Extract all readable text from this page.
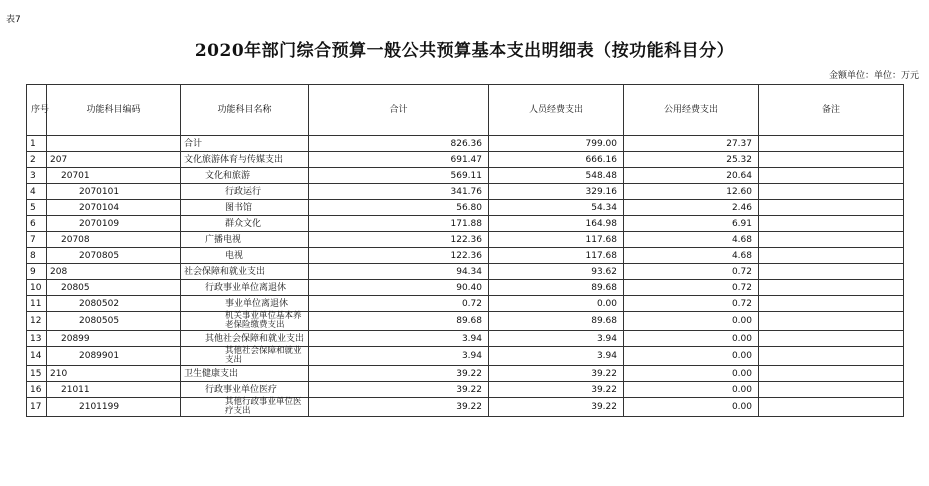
表7
2020年部门综合预算一般公共预算基本支出明细表（按功能科目分）
金额单位：单位：万元
序号	功能科目编码	功能科目名称	合计	人员经费支出	公用经费支出	备注
1		合计	826.36	799.00	27.37	
2	207	文化旅游体育与传媒支出	691.47	666.16	25.32	
3	20701	文化和旅游	569.11	548.48	20.64	
4	2070101	行政运行	341.76	329.16	12.60	
5	2070104	图书馆	56.80	54.34	2.46	
6	2070109	群众文化	171.88	164.98	6.91	
7	20708	广播电视	122.36	117.68	4.68	
8	2070805	电视	122.36	117.68	4.68	
9	208	社会保障和就业支出	94.34	93.62	0.72	
10	20805	行政事业单位离退休	90.40	89.68	0.72	
11	2080502	事业单位离退休	0.72	0.00	0.72	
12	2080505	机关事业单位基本养老保险缴费支出	89.68	89.68	0.00	
13	20899	其他社会保障和就业支出	3.94	3.94	0.00	
14	2089901	其他社会保障和就业支出	3.94	3.94	0.00	
15	210	卫生健康支出	39.22	39.22	0.00	
16	21011	行政事业单位医疗	39.22	39.22	0.00	
17	2101199	其他行政事业单位医疗支出	39.22	39.22	0.00	
